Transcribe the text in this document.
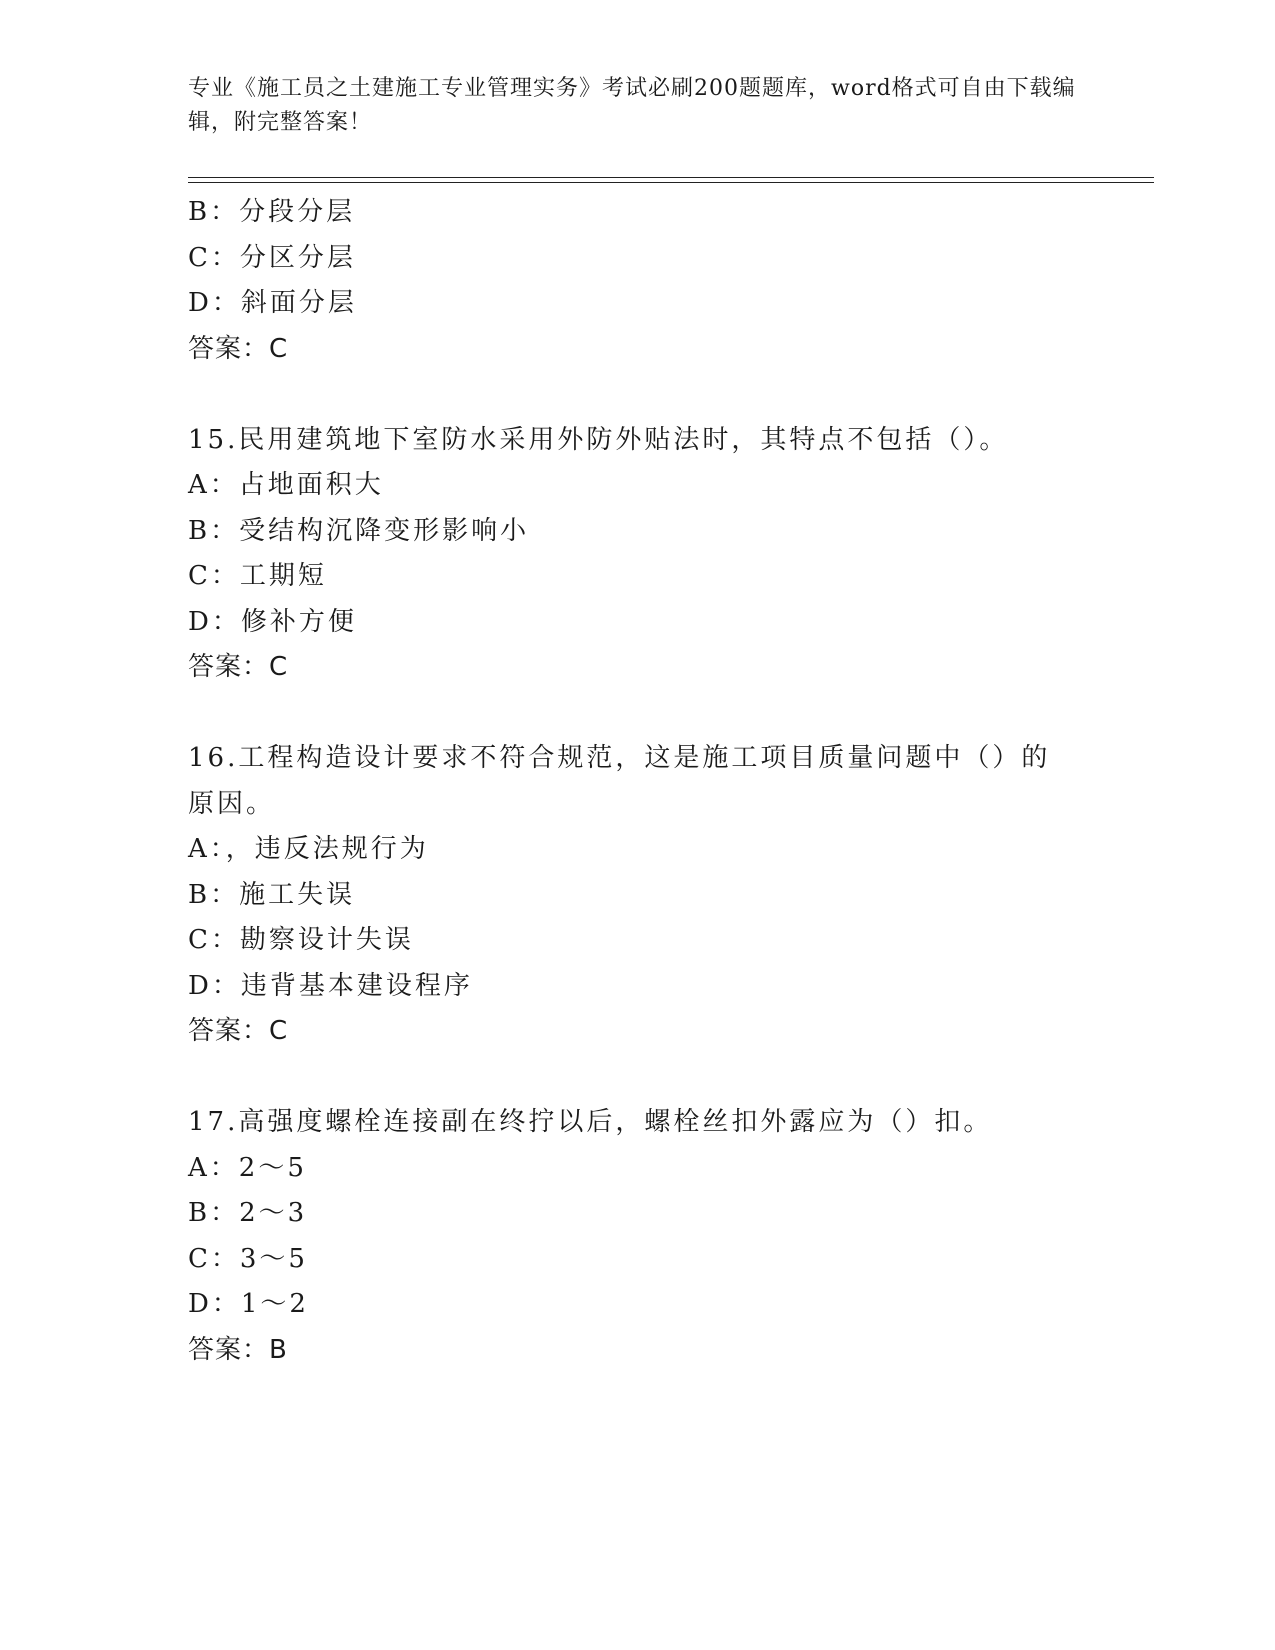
专业《施工员之土建施工专业管理实务》考试必刷200题题库，word格式可自由下载编辑，附完整答案！

B：分段分层
C：分区分层
D：斜面分层
答案：C
15.民用建筑地下室防水采用外防外贴法时，其特点不包括（）。
A：占地面积大
B：受结构沉降变形影响小
C：工期短
D：修补方便
答案：C
16.工程构造设计要求不符合规范，这是施工项目质量问题中（）的原因。
A：，违反法规行为
B：施工失误
C：勘察设计失误
D：违背基本建设程序
答案：C
17.高强度螺栓连接副在终拧以后，螺栓丝扣外露应为（）扣。
A：2～5
B：2～3
C：3～5
D：1～2
答案：B
